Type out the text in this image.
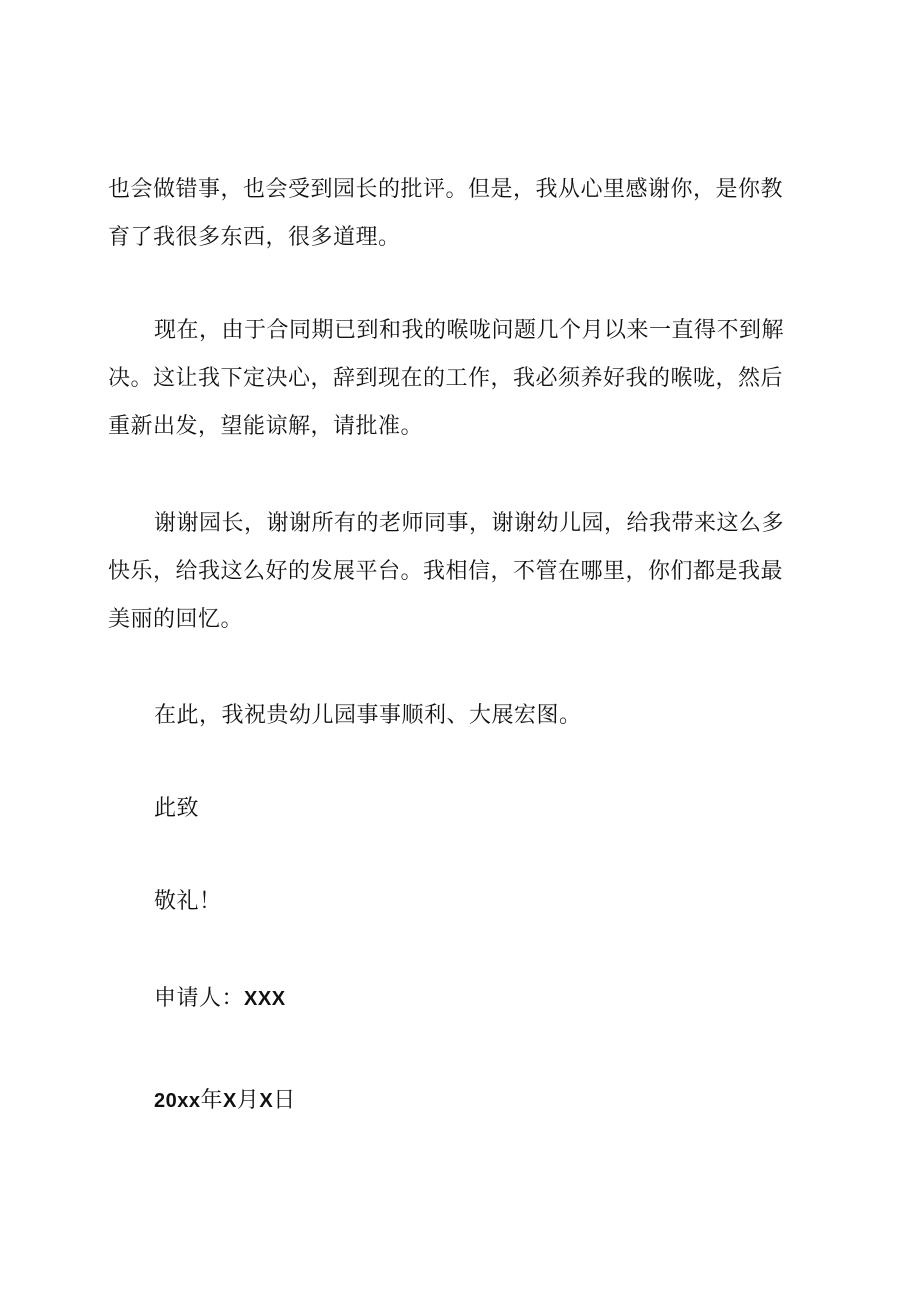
也会做错事，也会受到园长的批评。但是，我从心里感谢你，是你教
育了我很多东西，很多道理。
现在，由于合同期已到和我的喉咙问题几个月以来一直得不到解
决。这让我下定决心，辞到现在的工作，我必须养好我的喉咙，然后
重新出发，望能谅解，请批准。
谢谢园长，谢谢所有的老师同事，谢谢幼儿园，给我带来这么多
快乐，给我这么好的发展平台。我相信，不管在哪里，你们都是我最
美丽的回忆。
在此，我祝贵幼儿园事事顺利、大展宏图。
此致
敬礼！
申请人：XXX
20xx年X月X日
